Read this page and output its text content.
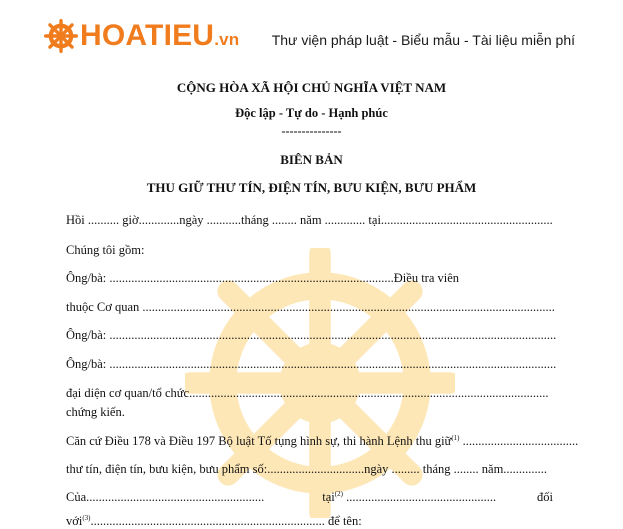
HOATIEU.vn Thư viện pháp luật - Biểu mẫu - Tài liệu miễn phí
CỘNG HÒA XÃ HỘI CHỦ NGHĨA VIỆT NAM
Độc lập - Tự do - Hạnh phúc
---------------
BIÊN BẢN
THU GIỮ THƯ TÍN, ĐIỆN TÍN, BƯU KIỆN, BƯU PHẨM
Hồi .......... giờ.............ngày ...........tháng ........ năm ............. tại.......................................................
Chúng tôi gồm:
Ông/bà: ...........................................................................................Điều tra viên
thuộc Cơ quan ....................................................................................................................................
Ông/bà: ...............................................................................................................................................
Ông/bà: ...............................................................................................................................................
đại diện cơ quan/tổ chức...................................................................................................................
chứng kiến.
Căn cứ Điều 178 và Điều 197 Bộ luật Tố tụng hình sự, thi hành Lệnh thu giữ$^{(1)}$ .....................................
thư tín, điện tín, bưu kiện, bưu phẩm số:...............................ngày ......... tháng ........ năm..............
Của.........................................................	tại$^{(2)}$ ................................................	đối
với$^{(3)}$........................................................................... để tên:
